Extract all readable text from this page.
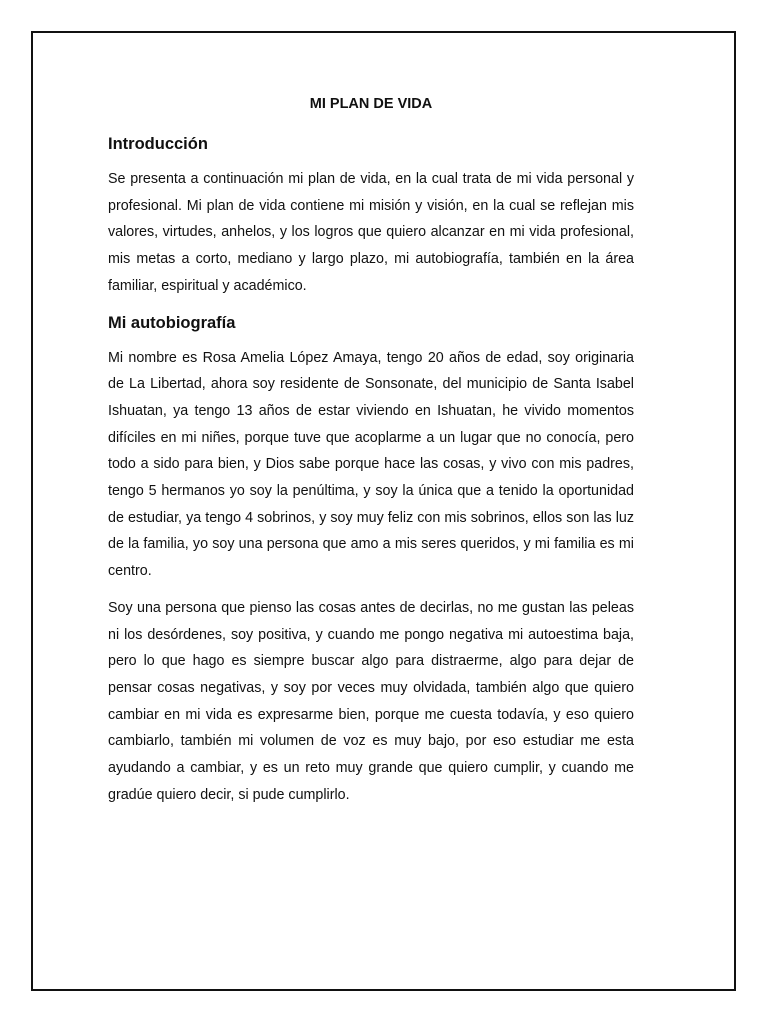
MI PLAN DE VIDA
Introducción

Se presenta a continuación mi plan de vida, en la cual trata de mi vida personal y profesional. Mi plan de vida contiene mi misión y visión, en la cual se reflejan mis valores, virtudes, anhelos, y los logros que quiero alcanzar en mi vida profesional, mis metas a corto, mediano y largo plazo, mi autobiografía, también en la área familiar, espiritual y académico.

Mi autobiografía

Mi nombre es Rosa Amelia López Amaya, tengo 20 años de edad, soy originaria de La Libertad, ahora soy residente de Sonsonate, del municipio de Santa Isabel Ishuatan, ya tengo 13 años de estar viviendo en Ishuatan, he vivido momentos difíciles en mi niñes, porque tuve que acoplarme a un lugar que no conocía, pero todo a sido para bien, y Dios sabe porque hace las cosas, y vivo con mis padres, tengo 5 hermanos yo soy la penúltima, y soy la única que a tenido la oportunidad de estudiar, ya tengo 4 sobrinos, y soy muy feliz con mis sobrinos, ellos son las luz de la familia, yo soy una persona que amo a mis seres queridos, y mi familia es mi centro.

Soy una persona que pienso las cosas antes de decirlas, no me gustan las peleas ni los desórdenes, soy positiva, y cuando me pongo negativa mi autoestima baja, pero lo que hago es siempre buscar algo para distraerme, algo para dejar de pensar cosas negativas, y soy por veces muy olvidada, también algo que quiero cambiar en mi vida es expresarme bien, porque me cuesta todavía, y eso quiero cambiarlo, también mi volumen de voz es muy bajo, por eso estudiar me esta ayudando a cambiar, y es un reto muy grande que quiero cumplir, y cuando me gradúe quiero decir, si pude cumplirlo.
